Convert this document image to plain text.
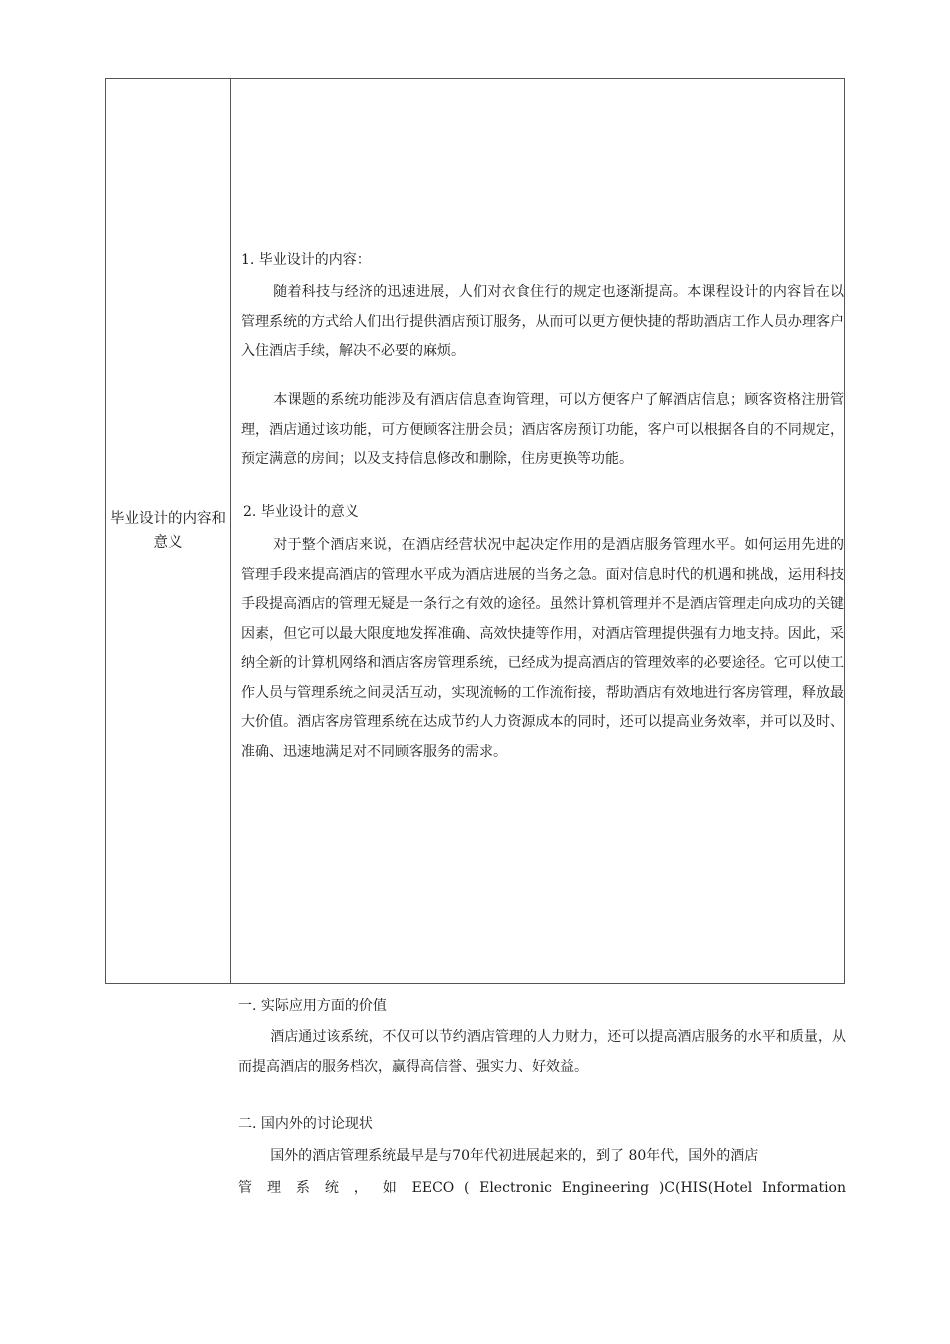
毕业设计的内容和意义
1. 毕业设计的内容：

随着科技与经济的迅速进展，人们对衣食住行的规定也逐渐提高。本课程设计的内容旨在以管理系统的方式给人们出行提供酒店预订服务，从而可以更方便快捷的帮助酒店工作人员办理客户入住酒店手续，解决不必要的麻烦。

本课题的系统功能涉及有酒店信息查询管理，可以方便客户了解酒店信息；顾客资格注册管理，酒店通过该功能，可方便顾客注册会员；酒店客房预订功能，客户可以根据各自的不同规定，预定满意的房间；以及支持信息修改和删除，住房更换等功能。

2. 毕业设计的意义

对于整个酒店来说，在酒店经营状况中起决定作用的是酒店服务管理水平。如何运用先进的管理手段来提高酒店的管理水平成为酒店进展的当务之急。面对信息时代的机遇和挑战，运用科技手段提高酒店的管理无疑是一条行之有效的途径。虽然计算机管理并不是酒店管理走向成功的关键因素，但它可以最大限度地发挥准确、高效快捷等作用，对酒店管理提供强有力地支持。因此，采纳全新的计算机网络和酒店客房管理系统，已经成为提高酒店的管理效率的必要途径。它可以使工作人员与管理系统之间灵活互动，实现流畅的工作流衔接，帮助酒店有效地进行客房管理，释放最大价值。酒店客房管理系统在达成节约人力资源成本的同时，还可以提高业务效率，并可以及时、准确、迅速地满足对不同顾客服务的需求。

一. 实际应用方面的价值

酒店通过该系统，不仅可以节约酒店管理的人力财力，还可以提高酒店服务的水平和质量，从而提高酒店的服务档次，赢得高信誉、强实力、好效益。

二. 国内外的讨论现状

国外的酒店管理系统最早是与70年代初进展起来的，到了 80年代，国外的酒店

管 理 系 统 ， 如 EECO ( Electronic Engineering )C(HIS(Hotel Information
